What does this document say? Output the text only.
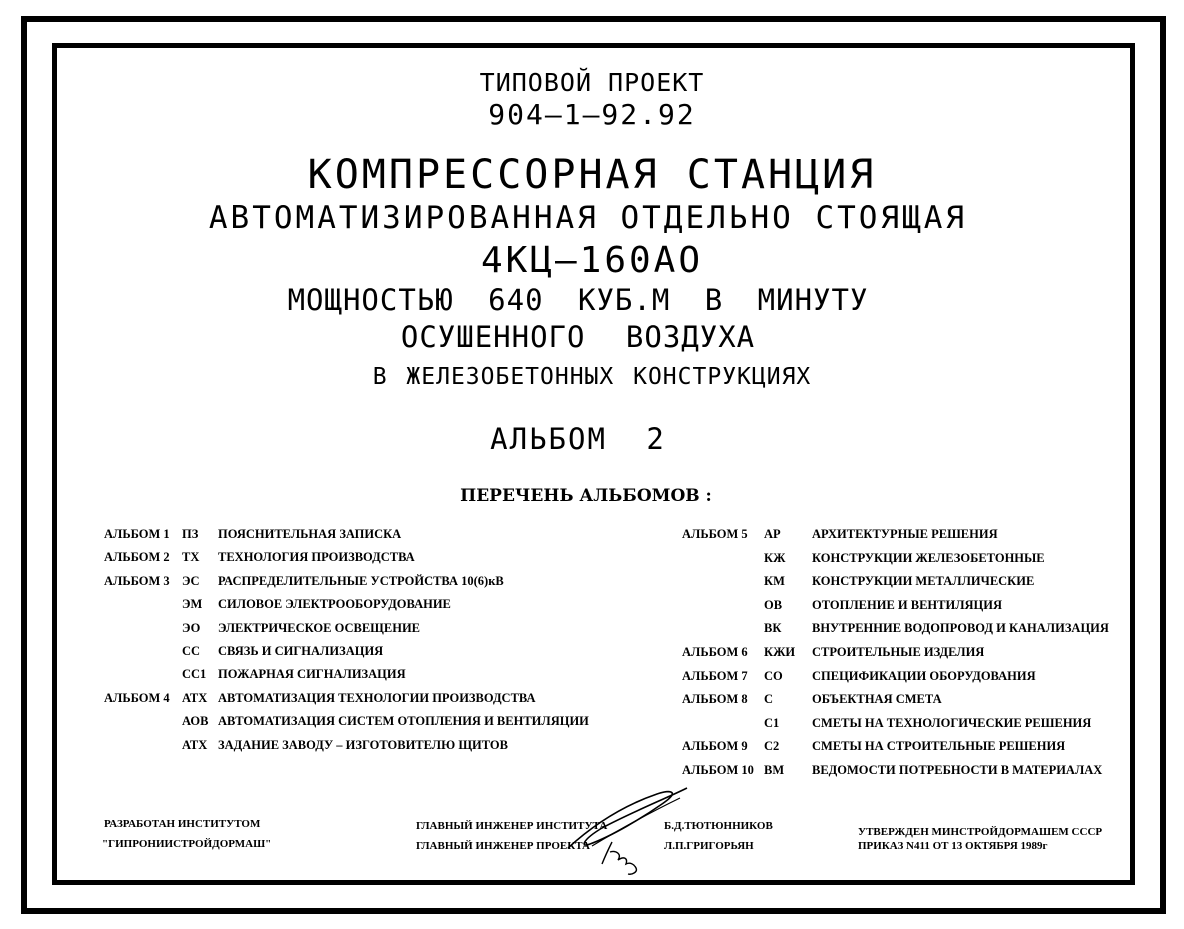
ТИПОВОЙ ПРОЕКТ
904–1–92.92
КОМПРЕССОРНАЯ СТАНЦИЯ
АВТОМАТИЗИРОВАННАЯ ОТДЕЛЬНО СТОЯЩАЯ
4КЦ–160АО
МОЩНОСТЬЮ 640 КУБ.М В МИНУТУ
ОСУШЕННОГО ВОЗДУХА
В ЖЕЛЕЗОБЕТОННЫХ КОНСТРУКЦИЯХ
АЛЬБОМ 2
ПЕРЕЧЕНЬ АЛЬБОМОВ :
АЛЬБОМ 1 ПЗ ПОЯСНИТЕЛЬНАЯ ЗАПИСКА
АЛЬБОМ 2 ТХ ТЕХНОЛОГИЯ ПРОИЗВОДСТВА
АЛЬБОМ 3 ЭС РАСПРЕДЕЛИТЕЛЬНЫЕ УСТРОЙСТВА 10(6)кВ
ЭМ СИЛОВОЕ ЭЛЕКТРООБОРУДОВАНИЕ
ЭО ЭЛЕКТРИЧЕСКОЕ ОСВЕЩЕНИЕ
СС СВЯЗЬ И СИГНАЛИЗАЦИЯ
СС1 ПОЖАРНАЯ СИГНАЛИЗАЦИЯ
АЛЬБОМ 4 АТХ АВТОМАТИЗАЦИЯ ТЕХНОЛОГИИ ПРОИЗВОДСТВА
АОВ АВТОМАТИЗАЦИЯ СИСТЕМ ОТОПЛЕНИЯ И ВЕНТИЛЯЦИИ
АТХ ЗАДАНИЕ ЗАВОДУ – ИЗГОТОВИТЕЛЮ ЩИТОВ
АЛЬБОМ 5 АР	АРХИТЕКТУРНЫЕ РЕШЕНИЯ
КЖ КОНСТРУКЦИИ ЖЕЛЕЗОБЕТОННЫЕ
КМ КОНСТРУКЦИИ МЕТАЛЛИЧЕСКИЕ
ОВ ОТОПЛЕНИЕ И ВЕНТИЛЯЦИЯ
ВК ВНУТРЕННИЕ ВОДОПРОВОД И КАНАЛИЗАЦИЯ
АЛЬБОМ 6 КЖИ СТРОИТЕЛЬНЫЕ ИЗДЕЛИЯ
АЛЬБОМ 7 СО СПЕЦИФИКАЦИИ ОБОРУДОВАНИЯ
АЛЬБОМ 8 С	ОБЪЕКТНАЯ СМЕТА
С1	СМЕТЫ НА ТЕХНОЛОГИЧЕСКИЕ РЕШЕНИЯ
АЛЬБОМ 9 С2	СМЕТЫ НА СТРОИТЕЛЬНЫЕ РЕШЕНИЯ
АЛЬБОМ 10 ВМ ВЕДОМОСТИ ПОТРЕБНОСТИ В МАТЕРИАЛАХ
РАЗРАБОТАН ИНСТИТУТОМ
"ГИПРОНИИСТРОЙДОРМАШ"
ГЛАВНЫЙ ИНЖЕНЕР ИНСТИТУТА
ГЛАВНЫЙ ИНЖЕНЕР ПРОЕКТА
Б.Д.ТЮТЮННИКОВ
Л.П.ГРИГОРЬЯН
УТВЕРЖДЕН МИНСТРОЙДОРМАШЕМ СССР
ПРИКАЗ N411 ОТ 13 ОКТЯБРЯ 1989г
